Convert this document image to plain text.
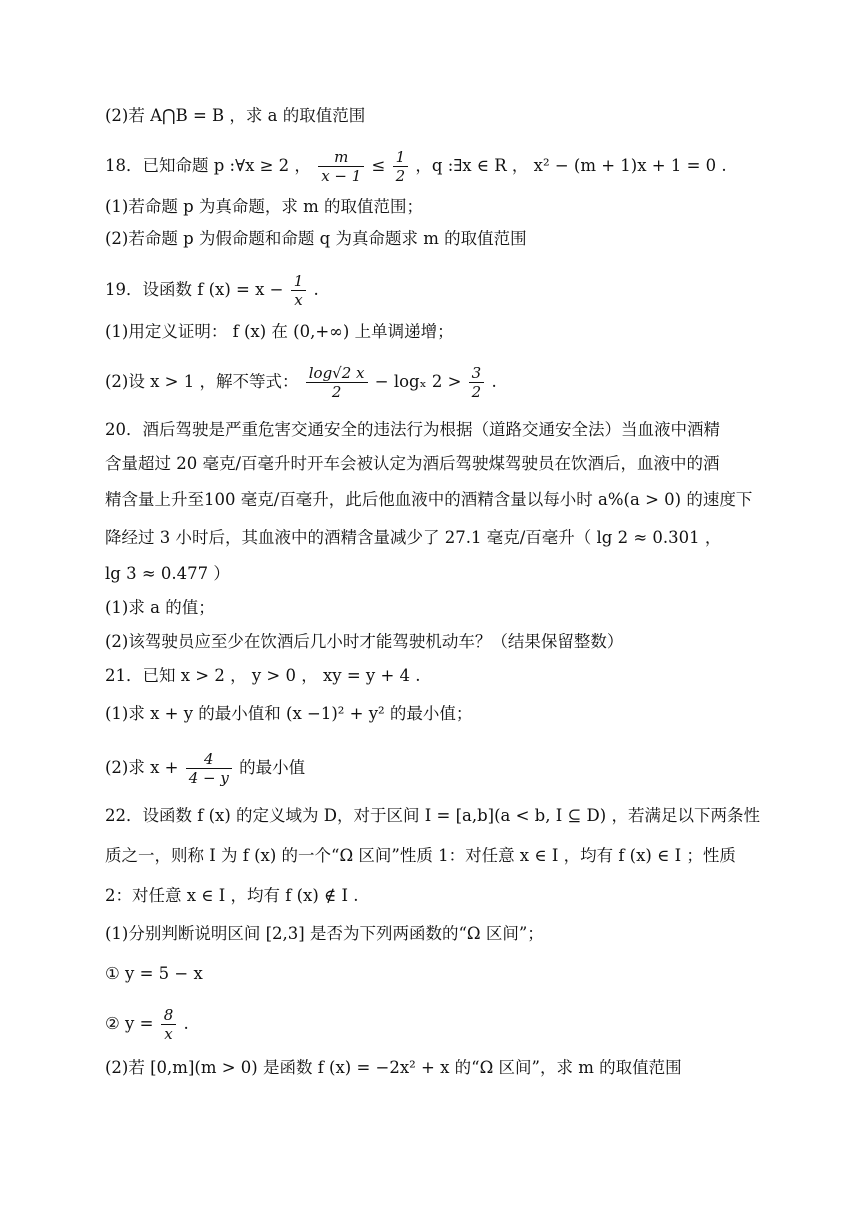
(2)若 A⋂B = B ，求 a 的取值范围
18．已知命题 p :∀x ≥ 2 ， $\frac{m}{x - 1} \le \frac{1}{2}$ ，q :∃x ∈ R ， x² − (m + 1)x + 1 = 0 .
(1)若命题 p 为真命题，求 m 的取值范围；
(2)若命题 p 为假命题和命题 q 为真命题求 m 的取值范围
19．设函数 f $(x) = x - \frac{1}{x}$ .
(1)用定义证明： f (x) 在 (0,+∞) 上单调递增；
(2)设 x > 1 ，解不等式： $\frac{\log√2 x}{2} - \log_x$ $2 > \frac{3}{2}$ .
20．酒后驾驶是严重危害交通安全的违法行为根据（道路交通安全法）当血液中酒精
含量超过 20 毫克/百毫升时开车会被认定为酒后驾驶煤驾驶员在饮酒后，血液中的酒
精含量上升至100 毫克/百毫升，此后他血液中的酒精含量以每小时 a%(a > 0) 的速度下
降经过 3 小时后，其血液中的酒精含量减少了 27.1 毫克/百毫升（ lg 2 ≈ 0.301 ，
lg 3 ≈ 0.477 ）
(1)求 a 的值；
(2)该驾驶员应至少在饮酒后几小时才能驾驶机动车？（结果保留整数）
21．已知 x > 2 ， y > 0 ， xy = y + 4 .
(1)求 x + y 的最小值和 (x −1)² + y² 的最小值；
(2)求 $x + \frac{4}{4 - y}$ 的最小值
22．设函数 f (x) 的定义域为 D，对于区间 I = [a,b](a < b, I ⊆ D) ，若满足以下两条性
质之一，则称 I 为 f (x) 的一个“Ω 区间”性质 1：对任意 x ∈ I ，均有 f (x) ∈ I ；性质
2：对任意 x ∈ I ，均有 f (x) ∉ I .
(1)分别判断说明区间 [2,3] 是否为下列两函数的“Ω 区间”；
① y = 5 − x
② $y = \frac{8}{x}$ .
(2)若 [0,m](m > 0) 是函数 f (x) = −2x² + x 的“Ω 区间”，求 m 的取值范围
